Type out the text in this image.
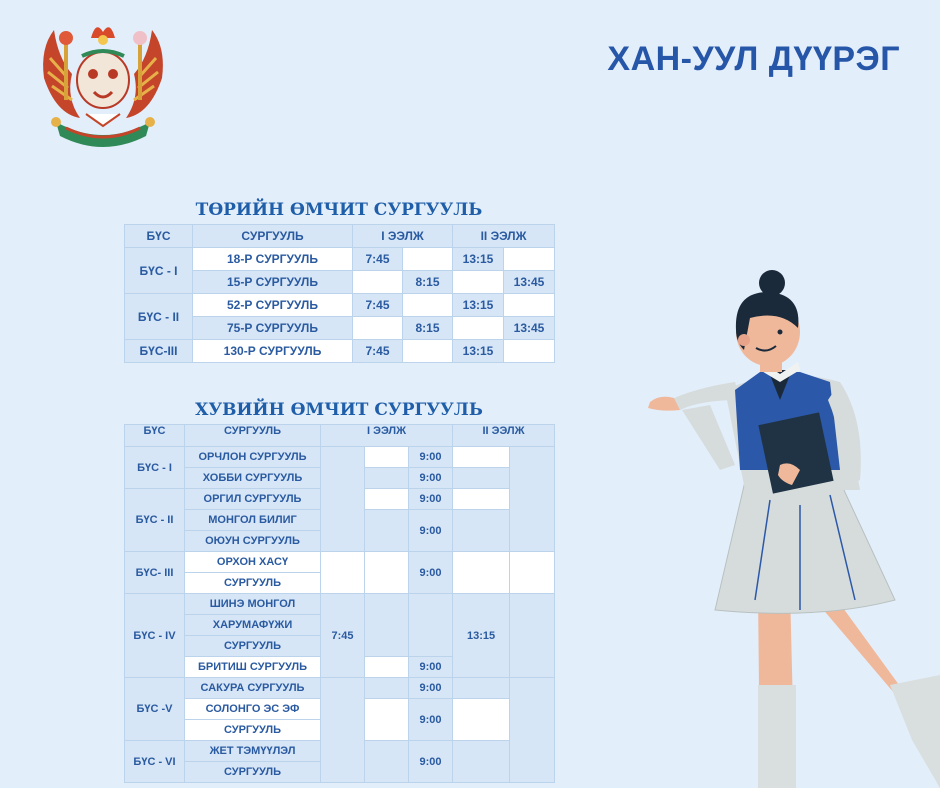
ХАН-УУЛ ДҮҮРЭГ
ТӨРИЙН ӨМЧИТ СУРГУУЛЬ
БҮС	СУРГУУЛЬ	I ЭЭЛЖ		II ЭЭЛЖ	
БҮС - I	18-Р СУРГУУЛЬ	7:45		13:15	
	15-Р СУРГУУЛЬ		8:15		13:45
БҮС - II	52-Р СУРГУУЛЬ	7:45		13:15	
	75-Р СУРГУУЛЬ		8:15		13:45
БҮС-III	130-Р СУРГУУЛЬ	7:45		13:15	
ХУВИЙН ӨМЧИТ СУРГУУЛЬ
БҮС	СУРГУУЛЬ	I ЭЭЛЖ			II ЭЭЛЖ	

БҮС - I	ОРЧЛОН СУРГУУЛЬ			9:00		
	ХОББИ СУРГУУЛЬ			9:00		
БҮС - II	ОРГИЛ СУРГУУЛЬ			9:00		
	МОНГОЛ БИЛИГ			9:00		
	ОЮУН СУРГУУЛЬ					
БҮС- III	ОРХОН ХАСҮ			9:00		
	СУРГУУЛЬ					
БҮС - IV	ШИНЭ МОНГОЛ	7:45			13:15	
	ХАРУМАФҮЖИ					
	СУРГУУЛЬ					
	БРИТИШ СУРГУУЛЬ			9:00		
БҮС -V	САКУРА СУРГУУЛЬ			9:00		
	СОЛОНГО ЭС ЭФ			9:00		
	СУРГУУЛЬ					
БҮС - VI	ЖЕТ ТЭМҮҮЛЭЛ			9:00		
	СУРГУУЛЬ					
